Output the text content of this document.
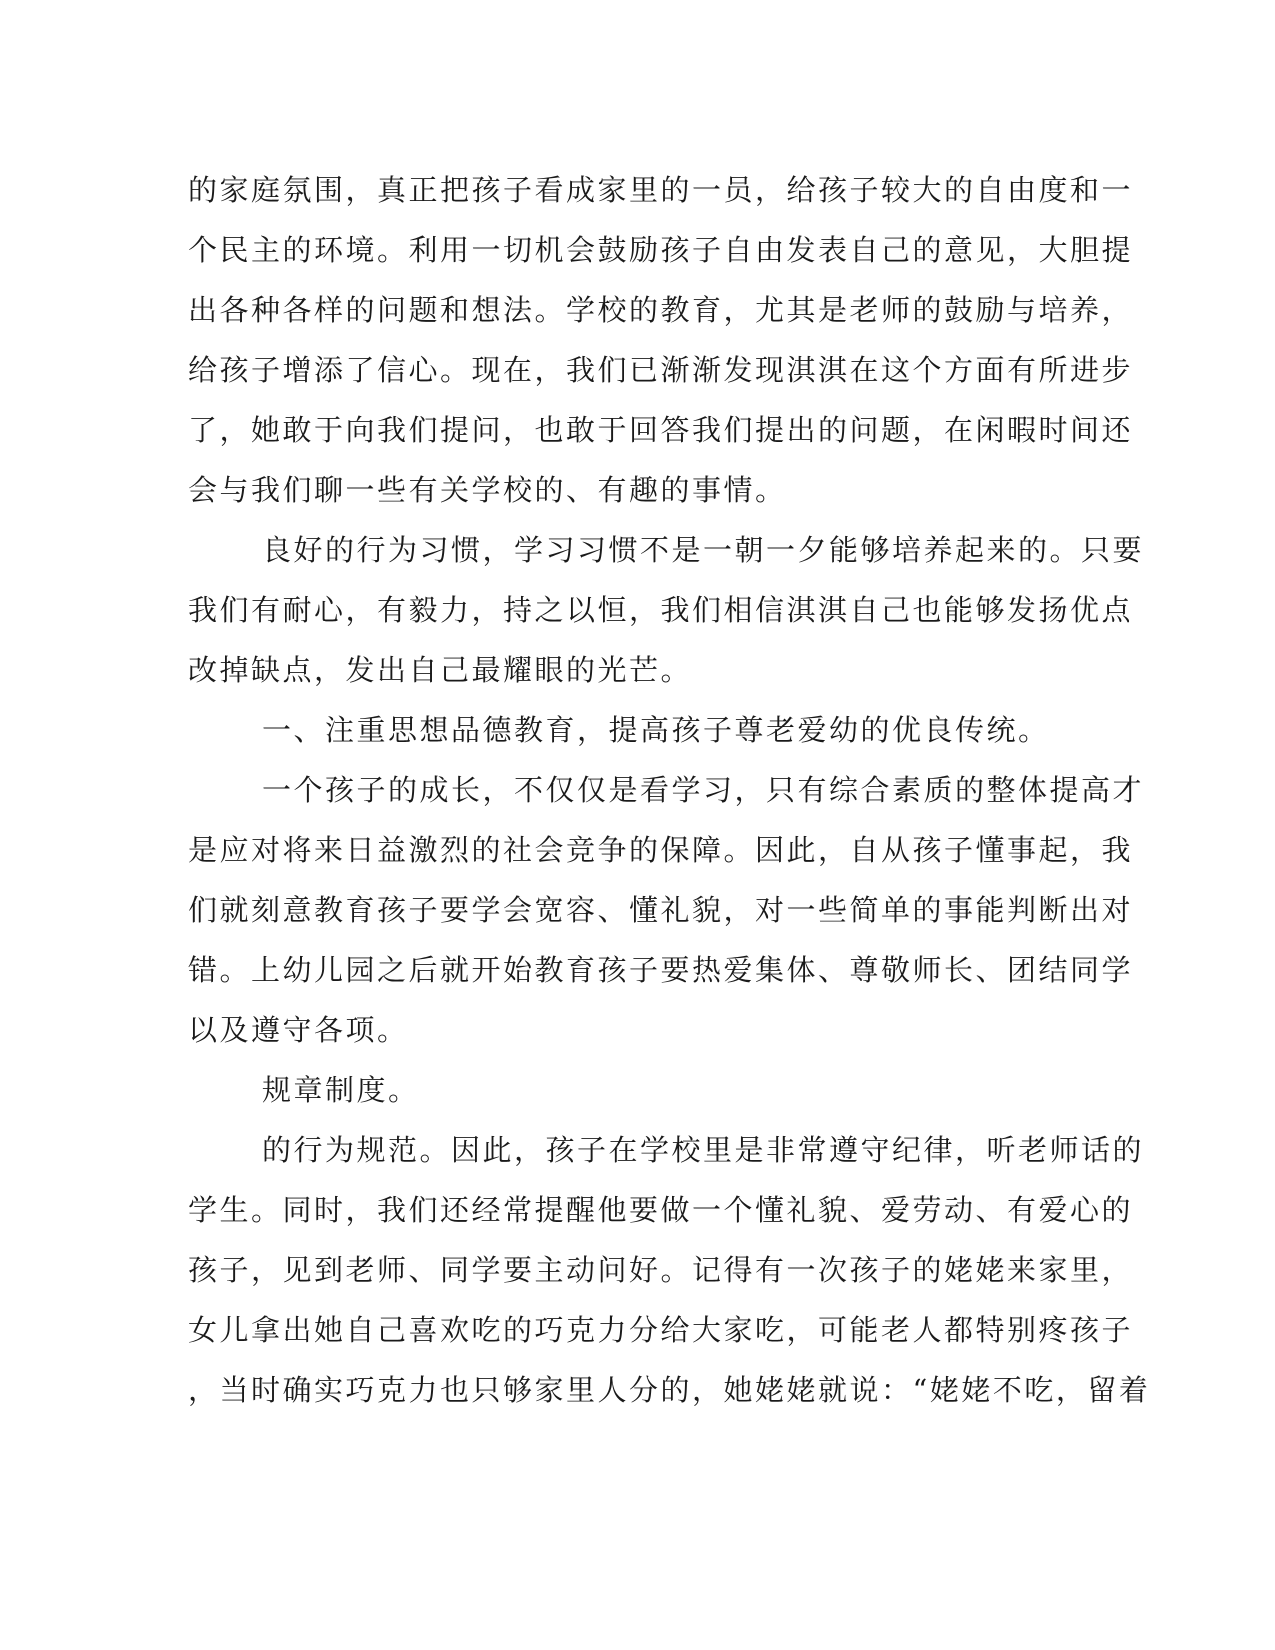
的家庭氛围，真正把孩子看成家里的一员，给孩子较大的自由度和一
个民主的环境。利用一切机会鼓励孩子自由发表自己的意见，大胆提
出各种各样的问题和想法。学校的教育，尤其是老师的鼓励与培养，
给孩子增添了信心。现在，我们已渐渐发现淇淇在这个方面有所进步
了，她敢于向我们提问，也敢于回答我们提出的问题，在闲暇时间还
会与我们聊一些有关学校的、有趣的事情。
良好的行为习惯，学习习惯不是一朝一夕能够培养起来的。只要
我们有耐心，有毅力，持之以恒，我们相信淇淇自己也能够发扬优点
改掉缺点，发出自己最耀眼的光芒。
一、注重思想品德教育，提高孩子尊老爱幼的优良传统。
一个孩子的成长，不仅仅是看学习，只有综合素质的整体提高才
是应对将来日益激烈的社会竞争的保障。因此，自从孩子懂事起，我
们就刻意教育孩子要学会宽容、懂礼貌，对一些简单的事能判断出对
错。上幼儿园之后就开始教育孩子要热爱集体、尊敬师长、团结同学
以及遵守各项。
规章制度。
的行为规范。因此，孩子在学校里是非常遵守纪律，听老师话的
学生。同时，我们还经常提醒他要做一个懂礼貌、爱劳动、有爱心的
孩子，见到老师、同学要主动问好。记得有一次孩子的姥姥来家里，
女儿拿出她自己喜欢吃的巧克力分给大家吃，可能老人都特别疼孩子
，当时确实巧克力也只够家里人分的，她姥姥就说：“姥姥不吃，留着
